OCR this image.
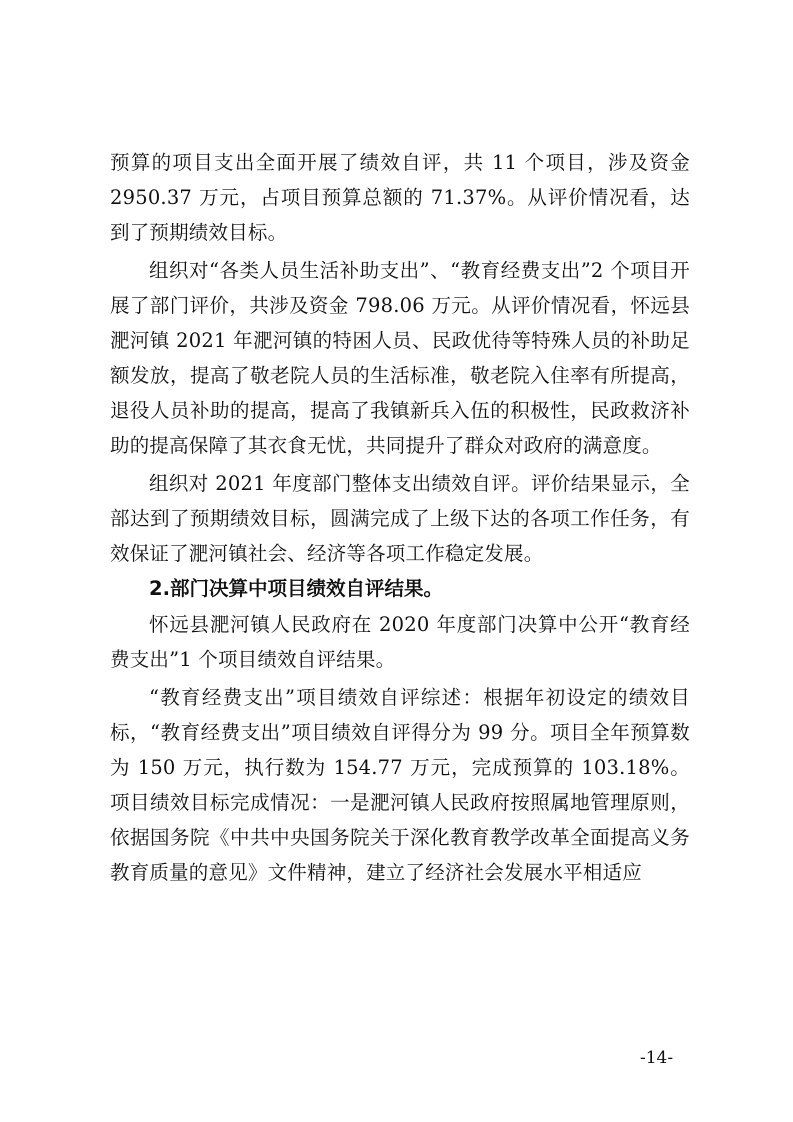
预算的项目支出全面开展了绩效自评，共 11 个项目，涉及资金2950.37 万元，占项目预算总额的 71.37%。从评价情况看，达到了预期绩效目标。

组织对“各类人员生活补助支出”、“教育经费支出”2 个项目开展了部门评价，共涉及资金 798.06 万元。从评价情况看，怀远县淝河镇 2021 年淝河镇的特困人员、民政优待等特殊人员的补助足额发放，提高了敬老院人员的生活标准，敬老院入住率有所提高，退役人员补助的提高，提高了我镇新兵入伍的积极性，民政救济补助的提高保障了其衣食无忧，共同提升了群众对政府的满意度。

组织对 2021 年度部门整体支出绩效自评。评价结果显示，全部达到了预期绩效目标，圆满完成了上级下达的各项工作任务，有效保证了淝河镇社会、经济等各项工作稳定发展。

2.部门决算中项目绩效自评结果。

怀远县淝河镇人民政府在 2020 年度部门决算中公开“教育经费支出”1 个项目绩效自评结果。

“教育经费支出”项目绩效自评综述：根据年初设定的绩效目标，“教育经费支出”项目绩效自评得分为 99 分。项目全年预算数为 150 万元，执行数为 154.77 万元，完成预算的 103.18%。项目绩效目标完成情况：一是淝河镇人民政府按照属地管理原则，依据国务院《中共中央国务院关于深化教育教学改革全面提高义务教育质量的意见》文件精神，建立了经济社会发展水平相适应

-14-
